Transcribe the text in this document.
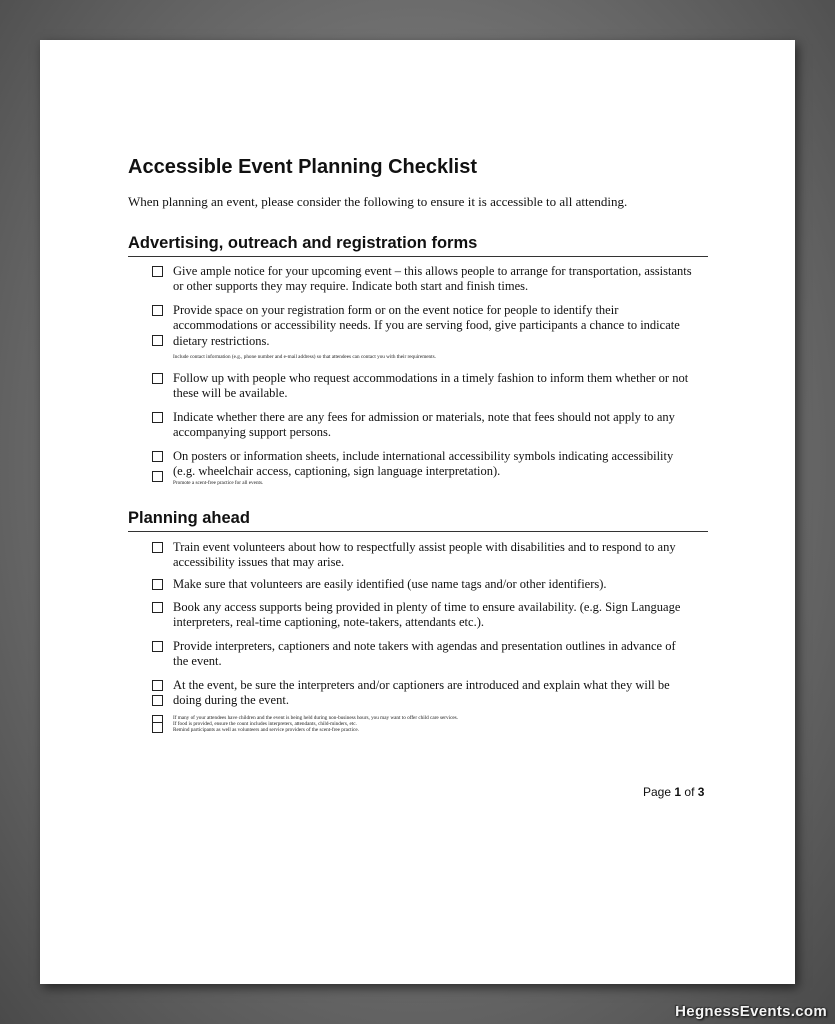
Accessible Event Planning Checklist
When planning an event, please consider the following to ensure it is accessible to all attending.
Advertising, outreach and registration forms
Give ample notice for your upcoming event – this allows people to arrange for transportation, assistants or other supports they may require. Indicate both start and finish times.
Provide space on your registration form or on the event notice for people to identify their accommodations or accessibility needs. If you are serving food, give participants a chance to indicate dietary restrictions.
Include contact information (e.g., phone number and e-mail address) so that attendees can contact you with their requirements.
Follow up with people who request accommodations in a timely fashion to inform them whether or not these will be available.
Indicate whether there are any fees for admission or materials, note that fees should not apply to any accompanying support persons.
On posters or information sheets, include international accessibility symbols indicating accessibility (e.g. wheelchair access, captioning, sign language interpretation).
Promote a scent-free practice for all events.
Planning ahead
Train event volunteers about how to respectfully assist people with disabilities and to respond to any accessibility issues that may arise.
Make sure that volunteers are easily identified (use name tags and/or other identifiers).
Book any access supports being provided in plenty of time to ensure availability. (e.g. Sign Language interpreters, real-time captioning, note-takers, attendants etc.).
Provide interpreters, captioners and note takers with agendas and presentation outlines in advance of the event.
At the event, be sure the interpreters and/or captioners are introduced and explain what they will be doing during the event.
If many of your attendees have children and the event is being held during non-business hours, you may want to offer child care services.
If food is provided, ensure the count includes interpreters, attendants, child-minders, etc.
Remind participants as well as volunteers and service providers of the scent-free practice.
Page 1 of 3
HegnessEvents.com
